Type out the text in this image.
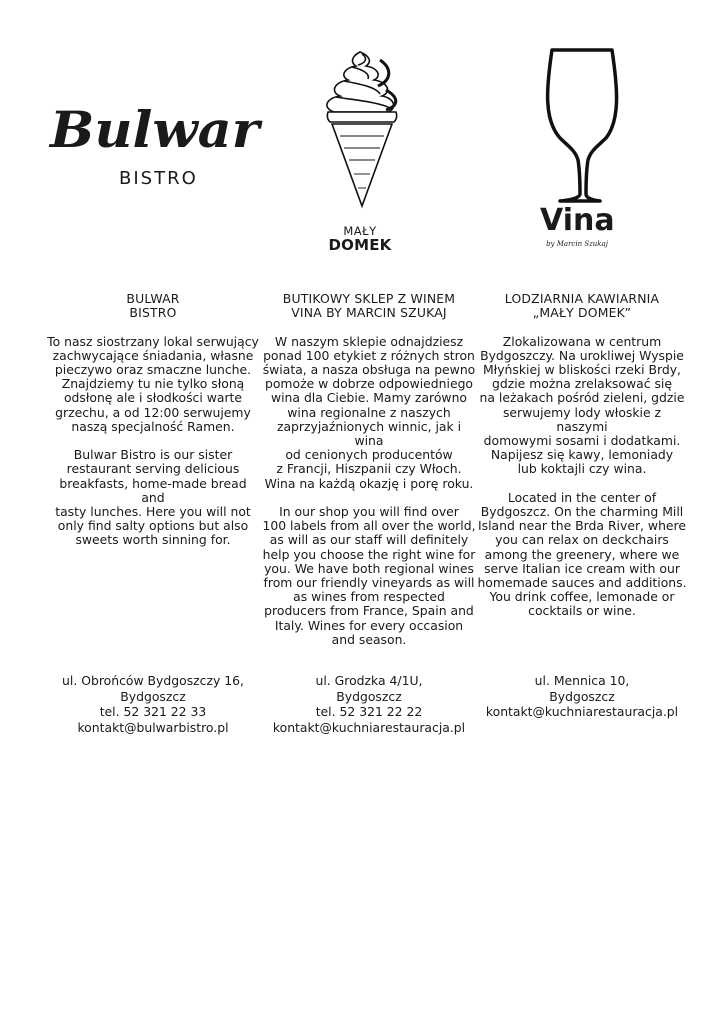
Bulwar
BISTRO
MAŁY
DOMEK
Vina
by Marcin Szukaj
BULWAR
BISTRO
To nasz siostrzany lokal serwujący
zachwycające śniadania, własne
pieczywo oraz smaczne lunche.
Znajdziemy tu nie tylko słoną
odsłonę ale i słodkości warte
grzechu, a od 12:00 serwujemy
naszą specjalność Ramen.
Bulwar Bistro is our sister
restaurant serving delicious
breakfasts, home-made bread and
tasty lunches. Here you will not
only find salty options but also
sweets worth sinning for.
ul. Obrońców Bydgoszczy 16,
Bydgoszcz
tel. 52 321 22 33
kontakt@bulwarbistro.pl
BUTIKOWY SKLEP Z WINEM
VINA BY MARCIN SZUKAJ
W naszym sklepie odnajdziesz
ponad 100 etykiet z różnych stron
świata, a nasza obsługa na pewno
pomoże w dobrze odpowiedniego
wina dla Ciebie. Mamy zarówno
wina regionalne z naszych
zaprzyjaźnionych winnic, jak i wina
od cenionych producentów
z Francji, Hiszpanii czy Włoch.
Wina na każdą okazję i porę roku.
In our shop you will find over
100 labels from all over the world,
as will as our staff will definitely
help you choose the right wine for
you. We have both regional wines
from our friendly vineyards as will
as wines from respected
producers from France, Spain and
Italy. Wines for every occasion
and season.
ul. Grodzka 4/1U,
Bydgoszcz
tel. 52 321 22 22
kontakt@kuchniarestauracja.pl
LODZIARNIA KAWIARNIA
„MAŁY DOMEK”
Zlokalizowana w centrum
Bydgoszczy. Na urokliwej Wyspie
Młyńskiej w bliskości rzeki Brdy,
gdzie można zrelaksować się
na leżakach pośród zieleni, gdzie
serwujemy lody włoskie z naszymi
domowymi sosami i dodatkami.
Napijesz się kawy, lemoniady
lub koktajli czy wina.
Located in the center of
Bydgoszcz. On the charming Mill
Island near the Brda River, where
you can relax on deckchairs
among the greenery, where we
serve Italian ice cream with our
homemade sauces and additions.
You drink coffee, lemonade or
cocktails or wine.
ul. Mennica 10,
Bydgoszcz
kontakt@kuchniarestauracja.pl
